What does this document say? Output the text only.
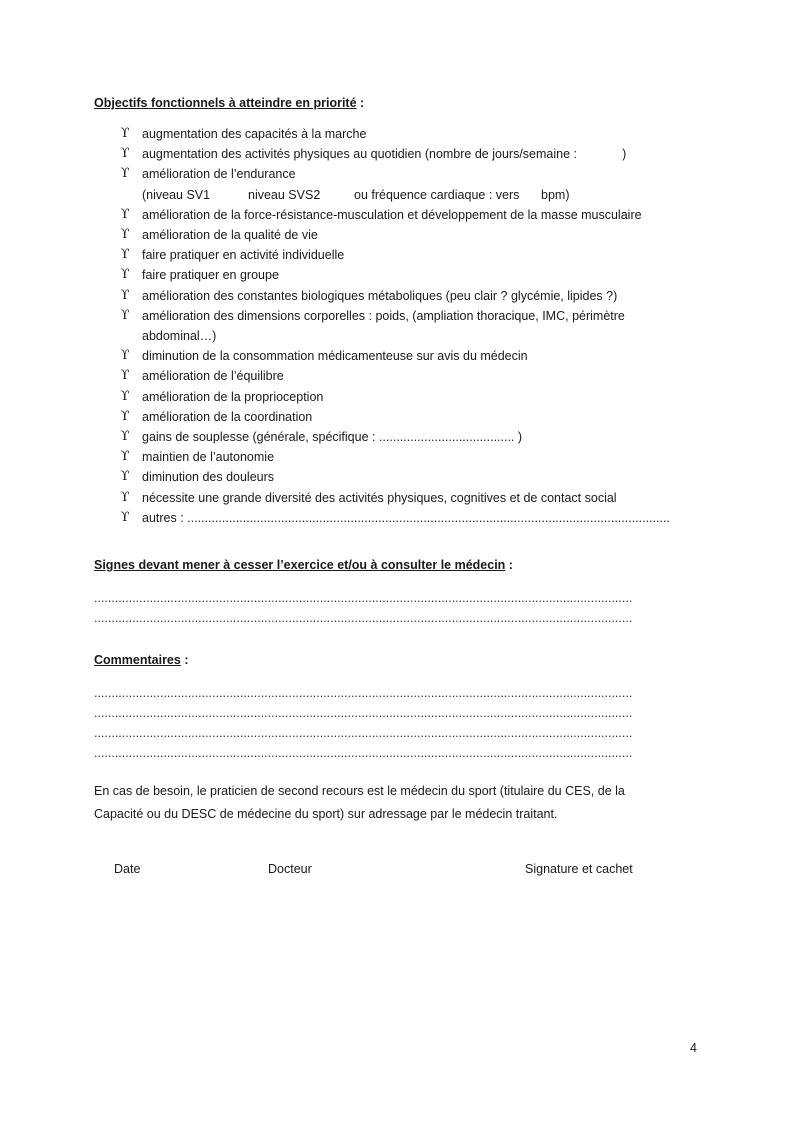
Objectifs fonctionnels à atteindre en priorité :
ϒ augmentation des capacités à la marche
ϒ augmentation des activités physiques au quotidien (nombre de jours/semaine :             )
ϒ amélioration de l’endurance
(niveau SV1	niveau SVS2	ou fréquence cardiaque : vers bpm)
ϒ amélioration de la force-résistance-musculation et développement de la masse musculaire
ϒ amélioration de la qualité de vie
ϒ faire pratiquer en activité individuelle
ϒ faire pratiquer en groupe
ϒ amélioration des constantes biologiques métaboliques (peu clair ? glycémie, lipides ?)
ϒ amélioration des dimensions corporelles : poids, (ampliation thoracique, IMC, périmètre
abdominal…)
ϒ diminution de la consommation médicamenteuse sur avis du médecin
ϒ amélioration de l’équilibre
ϒ amélioration de la proprioception
ϒ amélioration de la coordination
ϒ gains de souplesse (générale, spécifique : ....................................... )
ϒ maintien de l’autonomie
ϒ diminution des douleurs
ϒ nécessite une grande diversité des activités physiques, cognitives et de contact social
ϒ autres : ...........................................................................................................................................
Signes devant mener à cesser l’exercice et/ou à consulter le médecin :
...........................................................................................................................................................
...........................................................................................................................................................
Commentaires :
...........................................................................................................................................................
...........................................................................................................................................................
...........................................................................................................................................................
...........................................................................................................................................................
En cas de besoin, le praticien de second recours est le médecin du sport (titulaire du CES, de la Capacité ou du DESC de médecine du sport) sur adressage par le médecin traitant.
Date	Docteur	Signature et cachet
4
